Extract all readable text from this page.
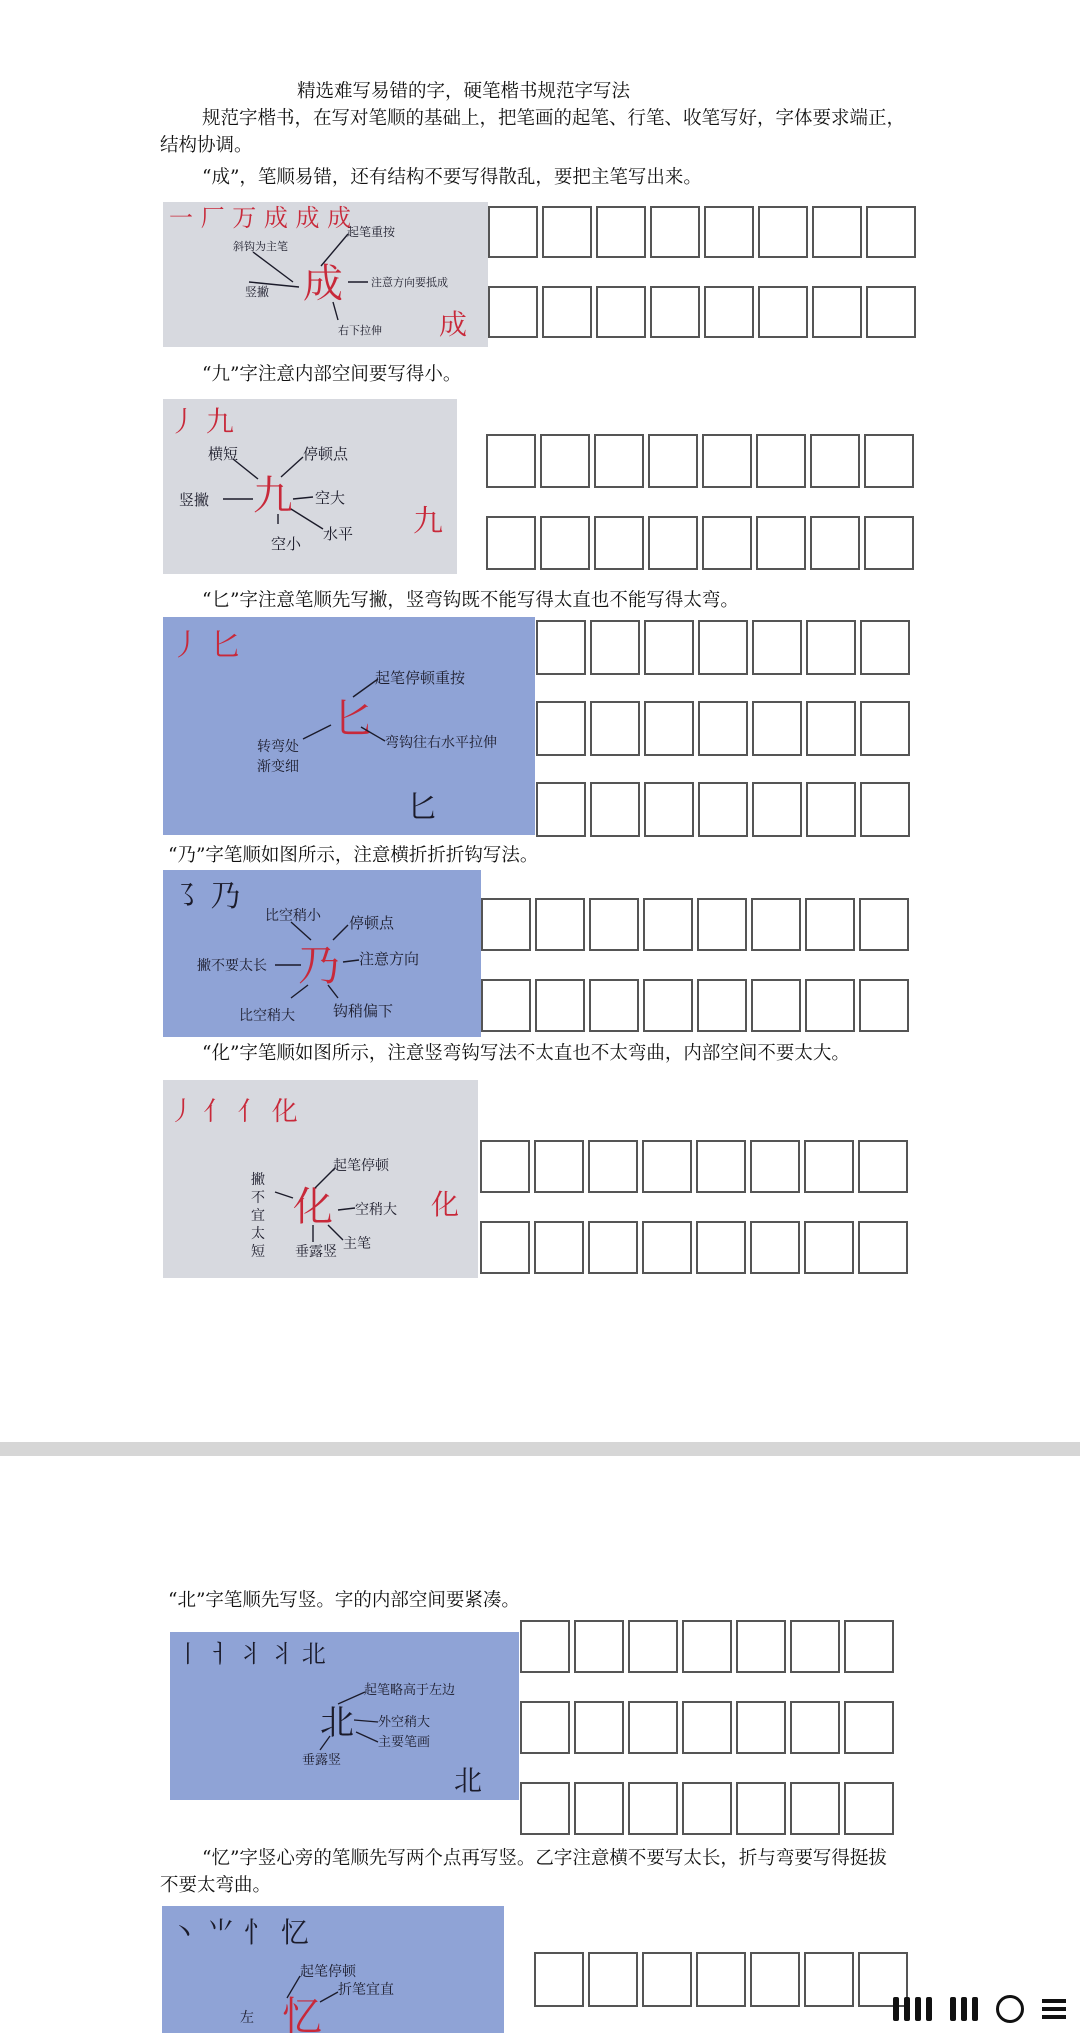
精选难写易错的字，硬笔楷书规范字写法
规范字楷书，在写对笔顺的基础上，把笔画的起笔、行笔、收笔写好，字体要求端正，
结构协调。
“成”，笔顺易错，还有结构不要写得散乱，要把主笔写出来。
一 厂 万 成 成 成
成
起笔重按
斜钩为主笔
竖撇
注意方向要抵成
右下拉伸 成
“九”字注意内部空间要写得小。
丿 九
九
横短	停顿点
竖撇	空大
空小
水平 九
“匕”字注意笔顺先写撇，竖弯钩既不能写得太直也不能写得太弯。
丿 匕
匕
起笔停顿重按
转弯处
渐变细
弯钩往右水平拉伸
匕
“乃”字笔顺如图所示，注意横折折折钩写法。
㇌ 乃
乃
比空稍小 停顿点
撇不要太长	注意方向
比空稍大	钩稍偏下
“化”字笔顺如图所示，注意竖弯钩写法不太直也不太弯曲，内部空间不要太大。
丿 亻 亻 化
化
起笔停顿
撇
不
宜
太
短
空稍大
垂露竖 主笔
化
“北”字笔顺先写竖。字的内部空间要紧凑。
丨 ㅓ 丬 丬 北
北
起笔略高于左边
外空稍大
垂露竖
主要笔画
北
“忆”字竖心旁的笔顺先写两个点再写竖。乙字注意横不要写太长，折与弯要写得挺拔
不要太弯曲。
丶 ⺌ 忄 忆
忆
起笔停顿
折笔宜直
左
